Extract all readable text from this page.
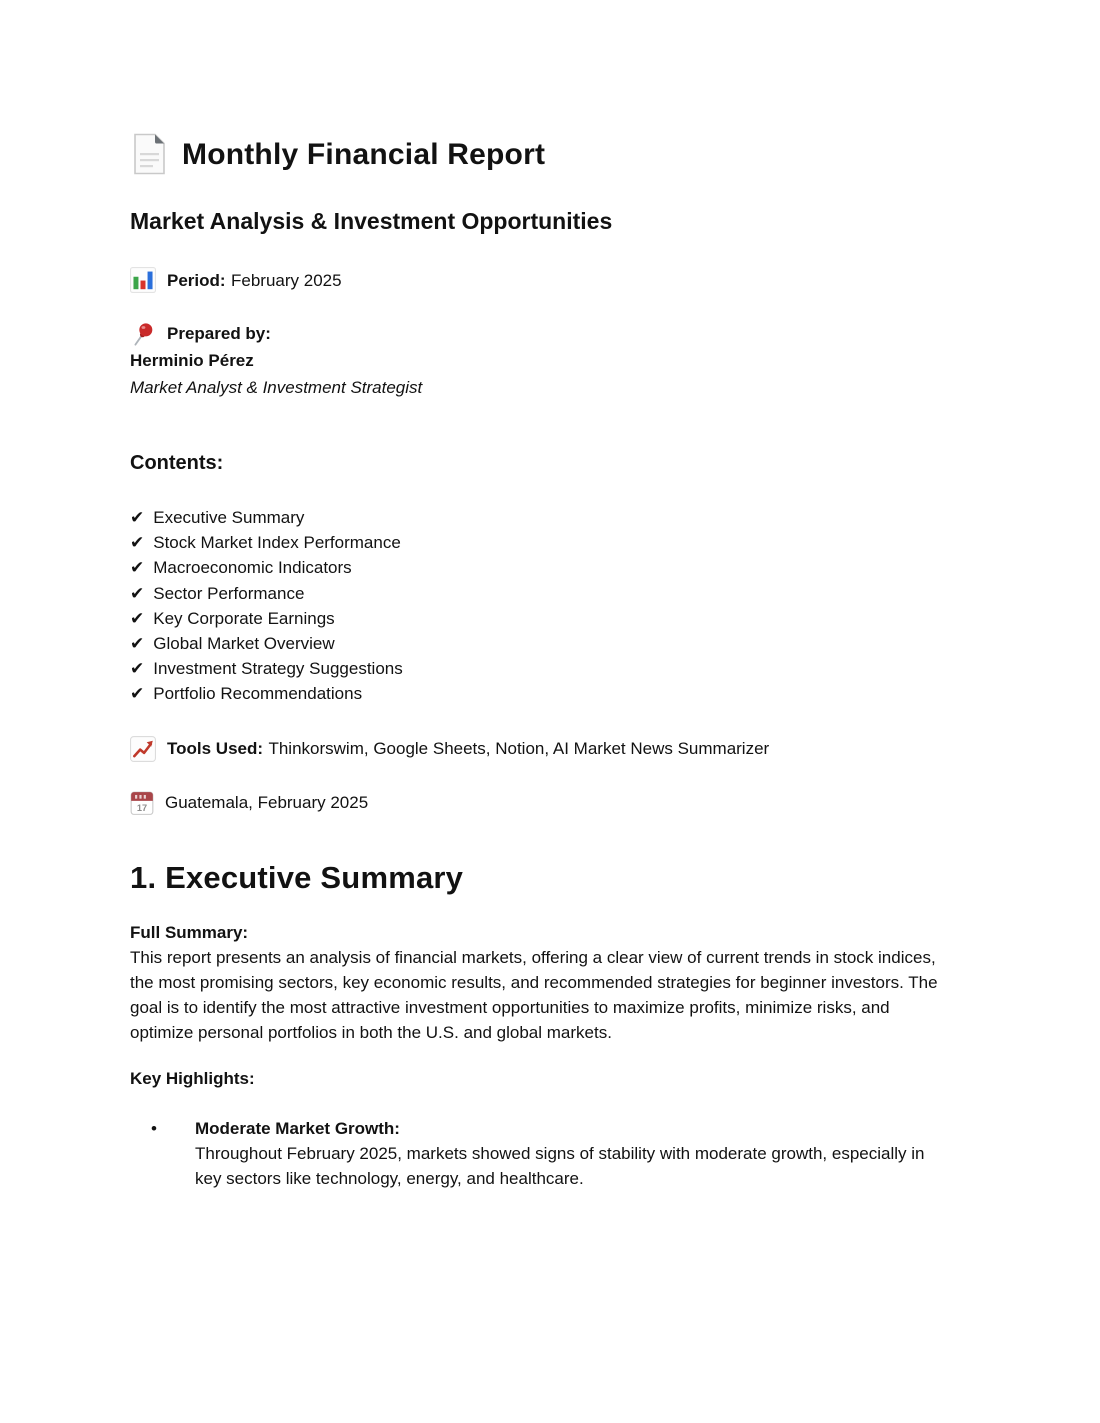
Monthly Financial Report
Market Analysis & Investment Opportunities
Period: February 2025
Prepared by:
Herminio Pérez
Market Analyst & Investment Strategist
Contents:
✔ Executive Summary
✔ Stock Market Index Performance
✔ Macroeconomic Indicators
✔ Sector Performance
✔ Key Corporate Earnings
✔ Global Market Overview
✔ Investment Strategy Suggestions
✔ Portfolio Recommendations
Tools Used: Thinkorswim, Google Sheets, Notion, AI Market News Summarizer
17 Guatemala, February 2025
1. Executive Summary

Full Summary:
This report presents an analysis of financial markets, offering a clear view of current trends in stock indices, the most promising sectors, key economic results, and recommended strategies for beginner investors. The goal is to identify the most attractive investment opportunities to maximize profits, minimize risks, and optimize personal portfolios in both the U.S. and global markets.

Key Highlights:

• Moderate Market Growth:
Throughout February 2025, markets showed signs of stability with moderate growth, especially in key sectors like technology, energy, and healthcare.
